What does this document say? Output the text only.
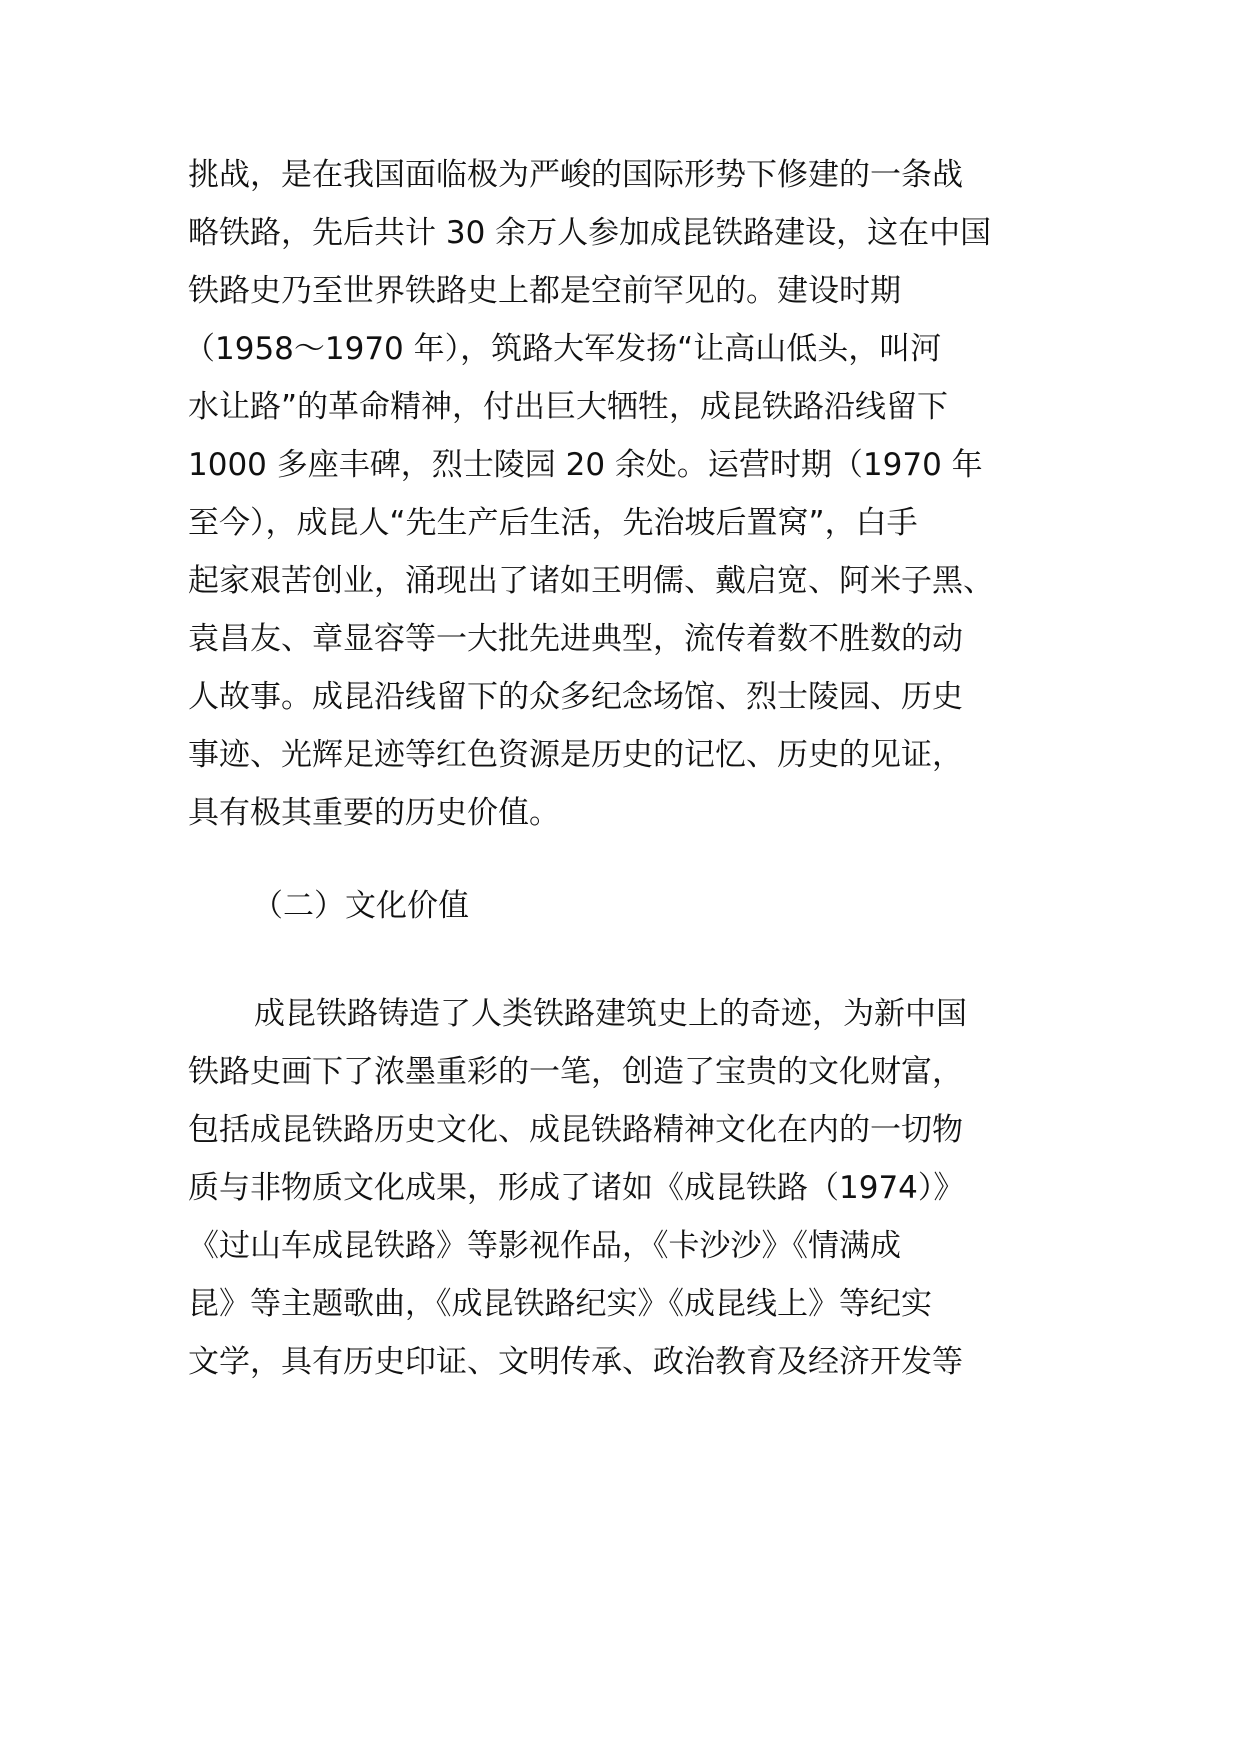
挑战，是在我国面临极为严峻的国际形势下修建的一条战
略铁路，先后共计 30 余万人参加成昆铁路建设，这在中国
铁路史乃至世界铁路史上都是空前罕见的。建设时期
（1958～1970 年），筑路大军发扬“让高山低头，叫河
水让路”的革命精神，付出巨大牺牲，成昆铁路沿线留下
1000 多座丰碑，烈士陵园 20 余处。运营时期（1970 年
至今），成昆人“先生产后生活，先治坡后置窝”，白手
起家艰苦创业，涌现出了诸如王明儒、戴启宽、阿米子黑、
袁昌友、章显容等一大批先进典型，流传着数不胜数的动
人故事。成昆沿线留下的众多纪念场馆、烈士陵园、历史
事迹、光辉足迹等红色资源是历史的记忆、历史的见证，
具有极其重要的历史价值。
（二）文化价值
成昆铁路铸造了人类铁路建筑史上的奇迹，为新中国
铁路史画下了浓墨重彩的一笔，创造了宝贵的文化财富，
包括成昆铁路历史文化、成昆铁路精神文化在内的一切物
质与非物质文化成果，形成了诸如《成昆铁路（1974）》
《过山车成昆铁路》等影视作品，《卡沙沙》《情满成
昆》等主题歌曲，《成昆铁路纪实》《成昆线上》等纪实
文学，具有历史印证、文明传承、政治教育及经济开发等
